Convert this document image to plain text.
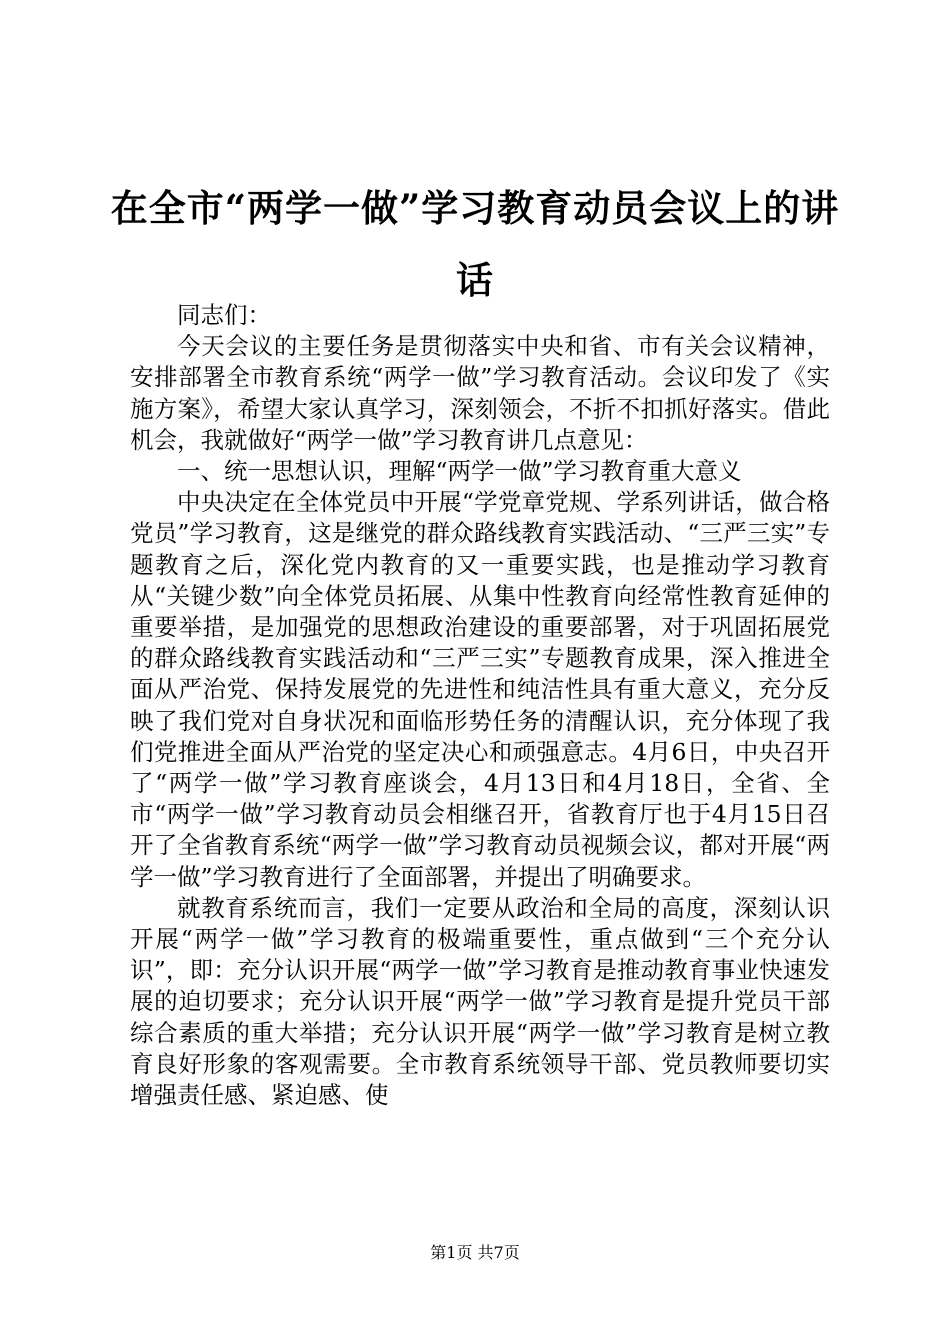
在全市“两学一做”学习教育动员会议上的讲话

同志们：

今天会议的主要任务是贯彻落实中央和省、市有关会议精神，安排部署全市教育系统“两学一做”学习教育活动。会议印发了《实施方案》，希望大家认真学习，深刻领会，不折不扣抓好落实。借此机会，我就做好“两学一做”学习教育讲几点意见：

一、统一思想认识，理解“两学一做”学习教育重大意义

中央决定在全体党员中开展“学党章党规、学系列讲话，做合格党员”学习教育，这是继党的群众路线教育实践活动、“三严三实”专题教育之后，深化党内教育的又一重要实践，也是推动学习教育从“关键少数”向全体党员拓展、从集中性教育向经常性教育延伸的重要举措，是加强党的思想政治建设的重要部署，对于巩固拓展党的群众路线教育实践活动和“三严三实”专题教育成果，深入推进全面从严治党、保持发展党的先进性和纯洁性具有重大意义，充分反映了我们党对自身状况和面临形势任务的清醒认识，充分体现了我们党推进全面从严治党的坚定决心和顽强意志。4月6日，中央召开了“两学一做”学习教育座谈会，4月13日和4月18日，全省、全市“两学一做”学习教育动员会相继召开，省教育厅也于4月15日召开了全省教育系统“两学一做”学习教育动员视频会议，都对开展“两学一做”学习教育进行了全面部署，并提出了明确要求。

就教育系统而言，我们一定要从政治和全局的高度，深刻认识开展“两学一做”学习教育的极端重要性，重点做到“三个充分认识”，即：充分认识开展“两学一做”学习教育是推动教育事业快速发展的迫切要求；充分认识开展“两学一做”学习教育是提升党员干部综合素质的重大举措；充分认识开展“两学一做”学习教育是树立教育良好形象的客观需要。全市教育系统领导干部、党员教师要切实增强责任感、紧迫感、使

第1页 共7页
